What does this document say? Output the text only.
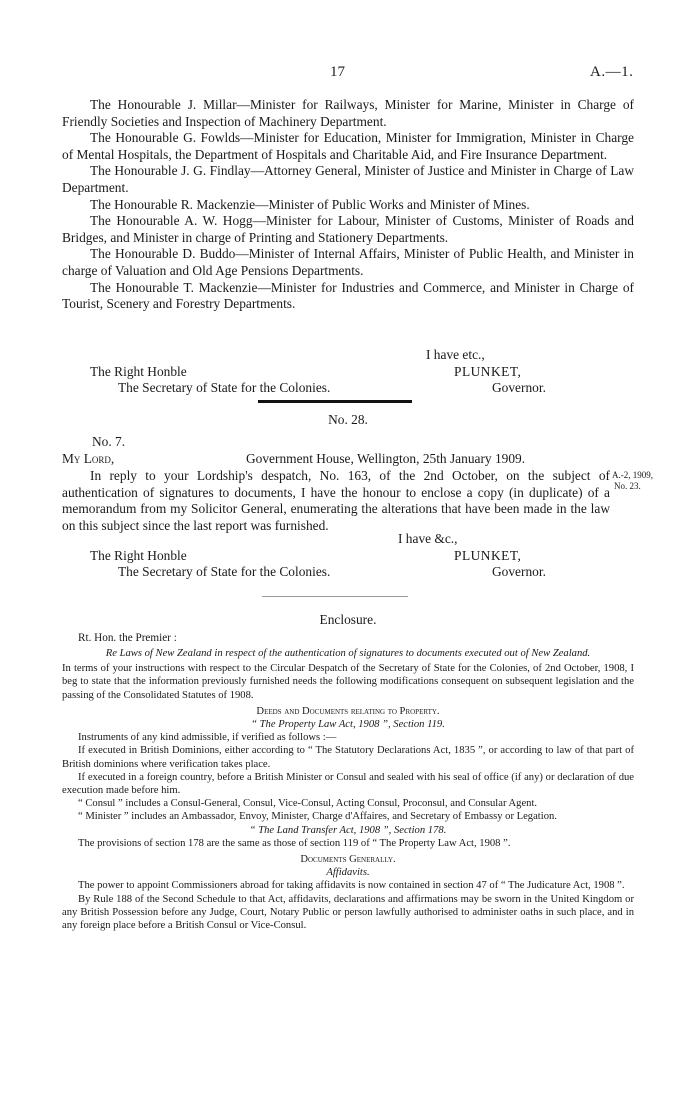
17	A.—1.

The Honourable J. Millar—Minister for Railways, Minister for Marine, Minister in Charge of Friendly Societies and Inspection of Machinery Department.

The Honourable G. Fowlds—Minister for Education, Minister for Immigration, Minister in Charge of Mental Hospitals, the Department of Hospitals and Charitable Aid, and Fire Insurance Department.

The Honourable J. G. Findlay—Attorney General, Minister of Justice and Minister in Charge of Law Department.

The Honourable R. Mackenzie—Minister of Public Works and Minister of Mines.

The Honourable A. W. Hogg—Minister for Labour, Minister of Customs, Minister of Roads and Bridges, and Minister in charge of Printing and Stationery Departments.

The Honourable D. Buddo—Minister of Internal Affairs, Minister of Public Health, and Minister in charge of Valuation and Old Age Pensions Departments.

The Honourable T. Mackenzie—Minister for Industries and Commerce, and Minister in Charge of Tourist, Scenery and Forestry Departments.

I have etc.,
The Right Honble	PLUNKET,
The Secretary of State for the Colonies.	Governor.
No. 28.
No. 7.
My Lord,	Government House, Wellington, 25th January 1909.

In reply to your Lordship's despatch, No. 163, of the 2nd October, on the subject of authentication of signatures to documents, I have the honour to enclose a copy (in duplicate) of a memorandum from my Solicitor General, enumerating the alterations that have been made in the law on this subject since the last report was furnished.

A.-2, 1909,
No. 23.
I have &c.,
The Right Honble	PLUNKET,
The Secretary of State for the Colonies.	Governor.
Enclosure.
Rt. Hon. the Premier :

Re Laws of New Zealand in respect of the authentication of signatures to documents executed out of New Zealand.

In terms of your instructions with respect to the Circular Despatch of the Secretary of State for the Colonies, of 2nd October, 1908, I beg to state that the information previously furnished needs the following modifications consequent on subsequent legislation and the passing of the Consolidated Statutes of 1908.

Deeds and Documents relating to Property.

“ The Property Law Act, 1908 ”, Section 119.

Instruments of any kind admissible, if verified as follows :—

If executed in British Dominions, either according to “ The Statutory Declarations Act, 1835 ”, or according to law of that part of British dominions where verification takes place.

If executed in a foreign country, before a British Minister or Consul and sealed with his seal of office (if any) or declaration of due execution made before him.

“ Consul ” includes a Consul-General, Consul, Vice-Consul, Acting Consul, Proconsul, and Consular Agent.

“ Minister ” includes an Ambassador, Envoy, Minister, Charge d'Affaires, and Secretary of Embassy or Legation.

“ The Land Transfer Act, 1908 ”, Section 178.

The provisions of section 178 are the same as those of section 119 of “ The Property Law Act, 1908 ”.

Documents Generally.

Affidavits.

The power to appoint Commissioners abroad for taking affidavits is now contained in section 47 of “ The Judicature Act, 1908 ”.

By Rule 188 of the Second Schedule to that Act, affidavits, declarations and affirmations may be sworn in the United Kingdom or any British Possession before any Judge, Court, Notary Public or person lawfully authorised to administer oaths in such place, and in any foreign place before a British Consul or Vice-Consul.
